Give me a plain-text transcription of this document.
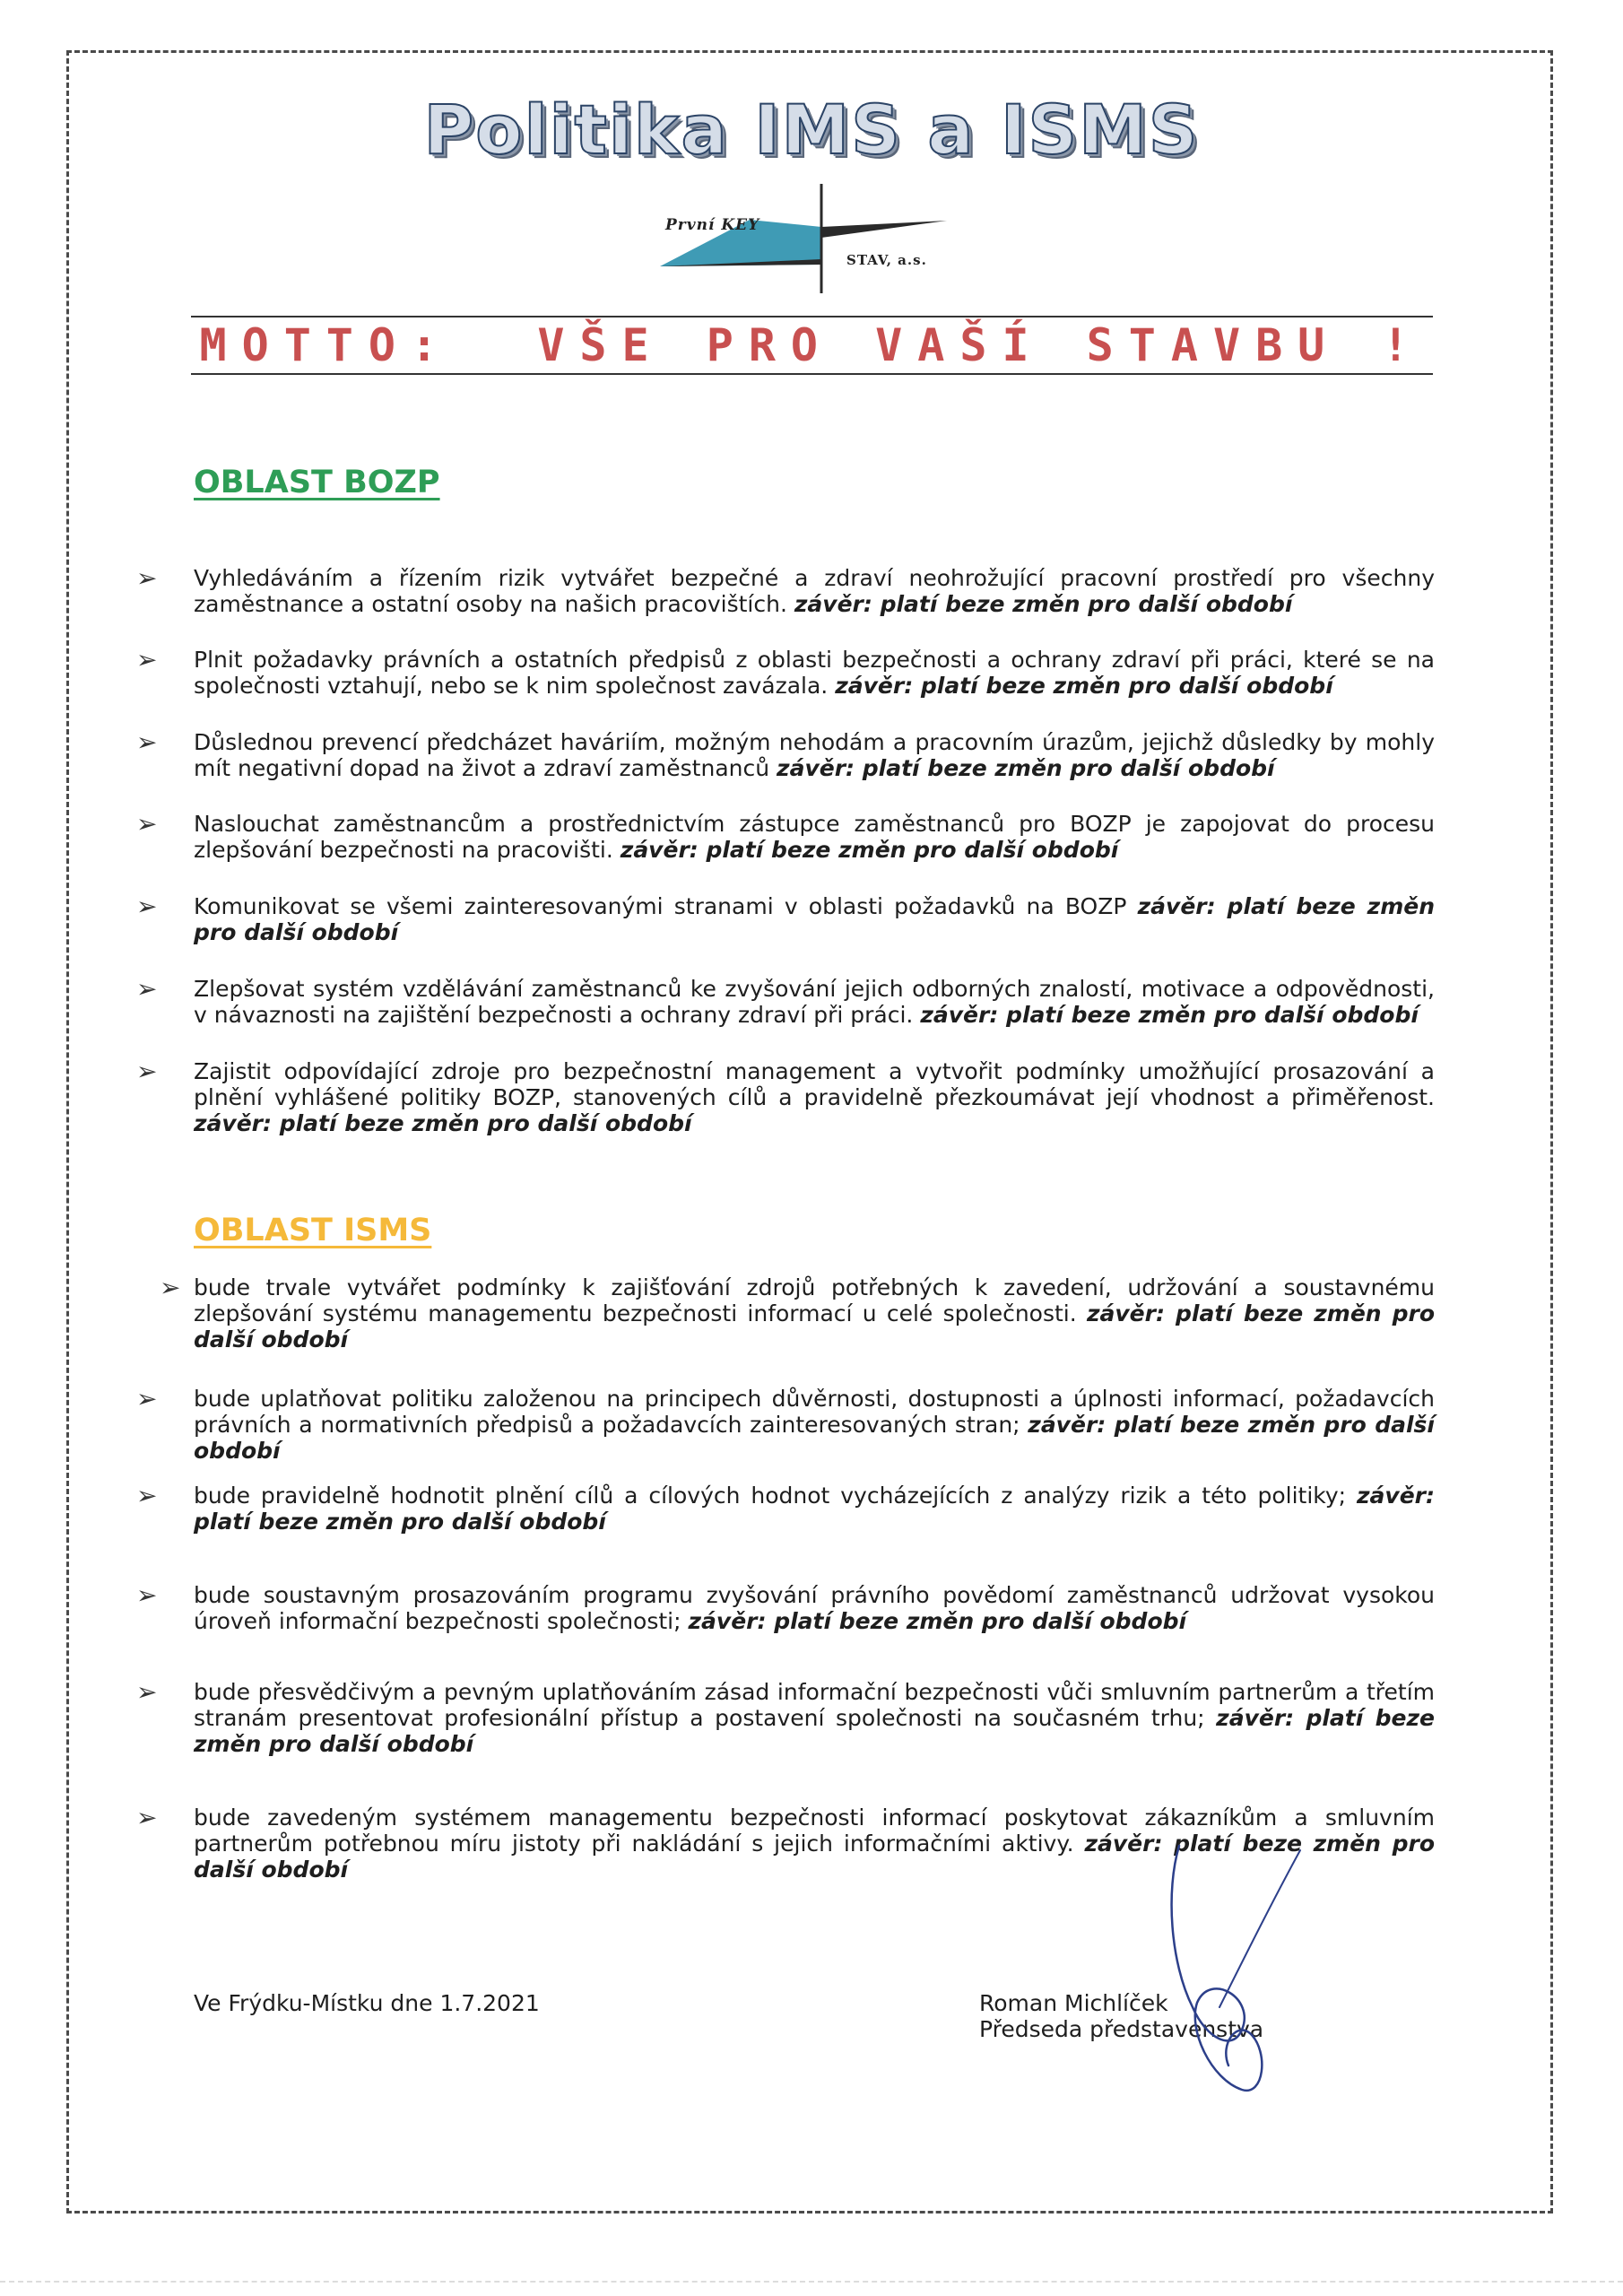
Politika IMS a ISMS
První KEY
STAV, a.s.
MOTTO:  VŠE PRO VAŠÍ STAVBU !
OBLAST BOZP
➢ Vyhledáváním a řízením rizik vytvářet bezpečné a zdraví neohrožující pracovní prostředí pro všechny zaměstnance a ostatní osoby na našich pracovištích. závěr: platí beze změn pro další období
➢ Plnit požadavky právních a ostatních předpisů z oblasti bezpečnosti a ochrany zdraví při práci, které se na společnosti vztahují, nebo se k nim společnost zavázala. závěr: platí beze změn pro další období
➢ Důslednou prevencí předcházet haváriím, možným nehodám a pracovním úrazům, jejichž důsledky by mohly mít negativní dopad na život a zdraví zaměstnanců závěr: platí beze změn pro další období
➢ Naslouchat zaměstnancům a prostřednictvím zástupce zaměstnanců pro BOZP je zapojovat do procesu zlepšování bezpečnosti na pracovišti. závěr: platí beze změn pro další období
➢ Komunikovat se všemi zainteresovanými stranami v oblasti požadavků na BOZP závěr: platí beze změn pro další období
➢ Zlepšovat systém vzdělávání zaměstnanců ke zvyšování jejich odborných znalostí, motivace a odpovědnosti, v návaznosti na zajištění bezpečnosti a ochrany zdraví při práci. závěr: platí beze změn pro další období
➢ Zajistit odpovídající zdroje pro bezpečnostní management a vytvořit podmínky umožňující prosazování a plnění vyhlášené politiky BOZP, stanovených cílů a pravidelně přezkoumávat její vhodnost a přiměřenost. závěr: platí beze změn pro další období
OBLAST ISMS
➢ bude trvale vytvářet podmínky k zajišťování zdrojů potřebných k zavedení, udržování a soustavnému zlepšování systému managementu bezpečnosti informací u celé společnosti. závěr: platí beze změn pro další období
➢ bude uplatňovat politiku založenou na principech důvěrnosti, dostupnosti a úplnosti informací, požadavcích právních a normativních předpisů a požadavcích zainteresovaných stran; závěr: platí beze změn pro další období
➢ bude pravidelně hodnotit plnění cílů a cílových hodnot vycházejících z analýzy rizik a této politiky; závěr: platí beze změn pro další období
➢ bude soustavným prosazováním programu zvyšování právního povědomí zaměstnanců udržovat vysokou úroveň informační bezpečnosti společnosti; závěr: platí beze změn pro další období
➢ bude přesvědčivým a pevným uplatňováním zásad informační bezpečnosti vůči smluvním partnerům a třetím stranám presentovat profesionální přístup a postavení společnosti na současném trhu; závěr: platí beze změn pro další období
➢ bude zavedeným systémem managementu bezpečnosti informací poskytovat zákazníkům a smluvním partnerům potřebnou míru jistoty při nakládání s jejich informačními aktivy. závěr: platí beze změn pro další období
Ve Frýdku-Místku dne 1.7.2021	Roman Michlíček
Předseda představenstva
